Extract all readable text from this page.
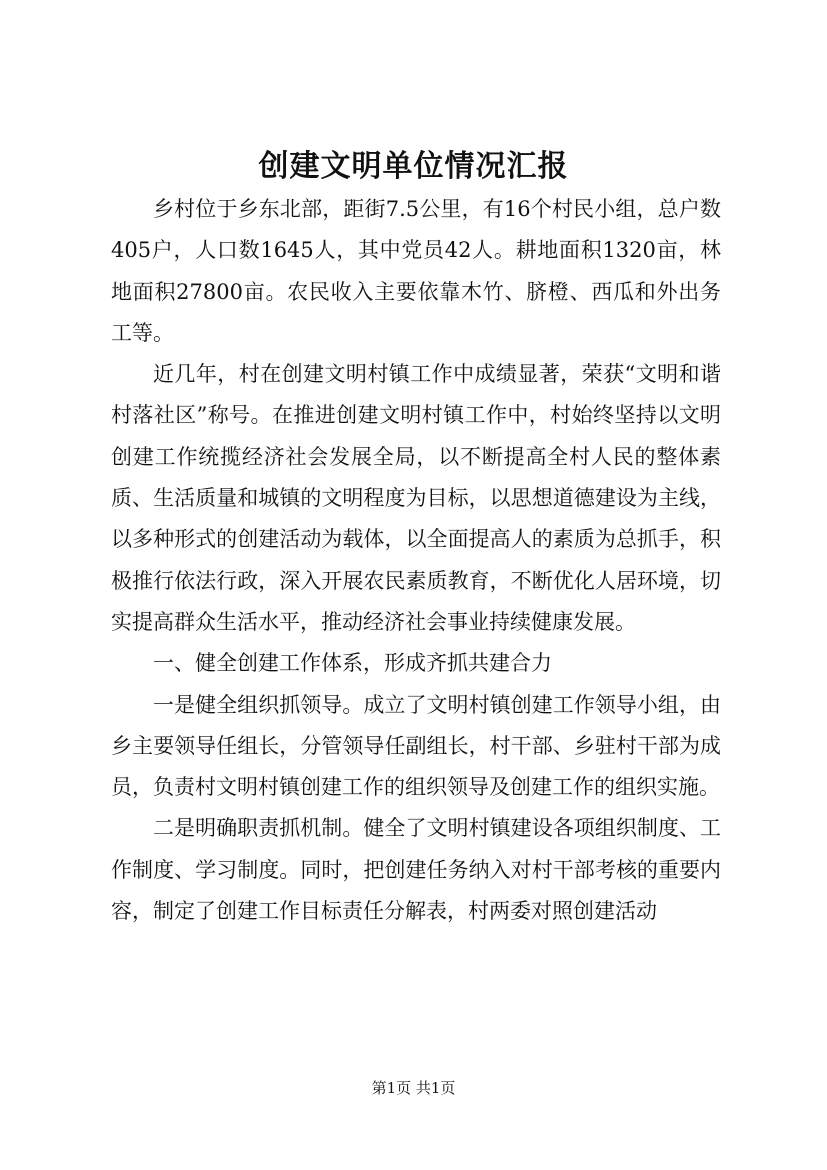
创建文明单位情况汇报

乡村位于乡东北部，距街7.5公里，有16个村民小组，总户数405户，人口数1645人，其中党员42人。耕地面积1320亩，林地面积27800亩。农民收入主要依靠木竹、脐橙、西瓜和外出务工等。

近几年，村在创建文明村镇工作中成绩显著，荣获“文明和谐村落社区”称号。在推进创建文明村镇工作中，村始终坚持以文明创建工作统揽经济社会发展全局，以不断提高全村人民的整体素质、生活质量和城镇的文明程度为目标，以思想道德建设为主线，以多种形式的创建活动为载体，以全面提高人的素质为总抓手，积极推行依法行政，深入开展农民素质教育，不断优化人居环境，切实提高群众生活水平，推动经济社会事业持续健康发展。

一、健全创建工作体系，形成齐抓共建合力

一是健全组织抓领导。成立了文明村镇创建工作领导小组，由乡主要领导任组长，分管领导任副组长，村干部、乡驻村干部为成员，负责村文明村镇创建工作的组织领导及创建工作的组织实施。

二是明确职责抓机制。健全了文明村镇建设各项组织制度、工作制度、学习制度。同时，把创建任务纳入对村干部考核的重要内容，制定了创建工作目标责任分解表，村两委对照创建活动

第1页 共1页
